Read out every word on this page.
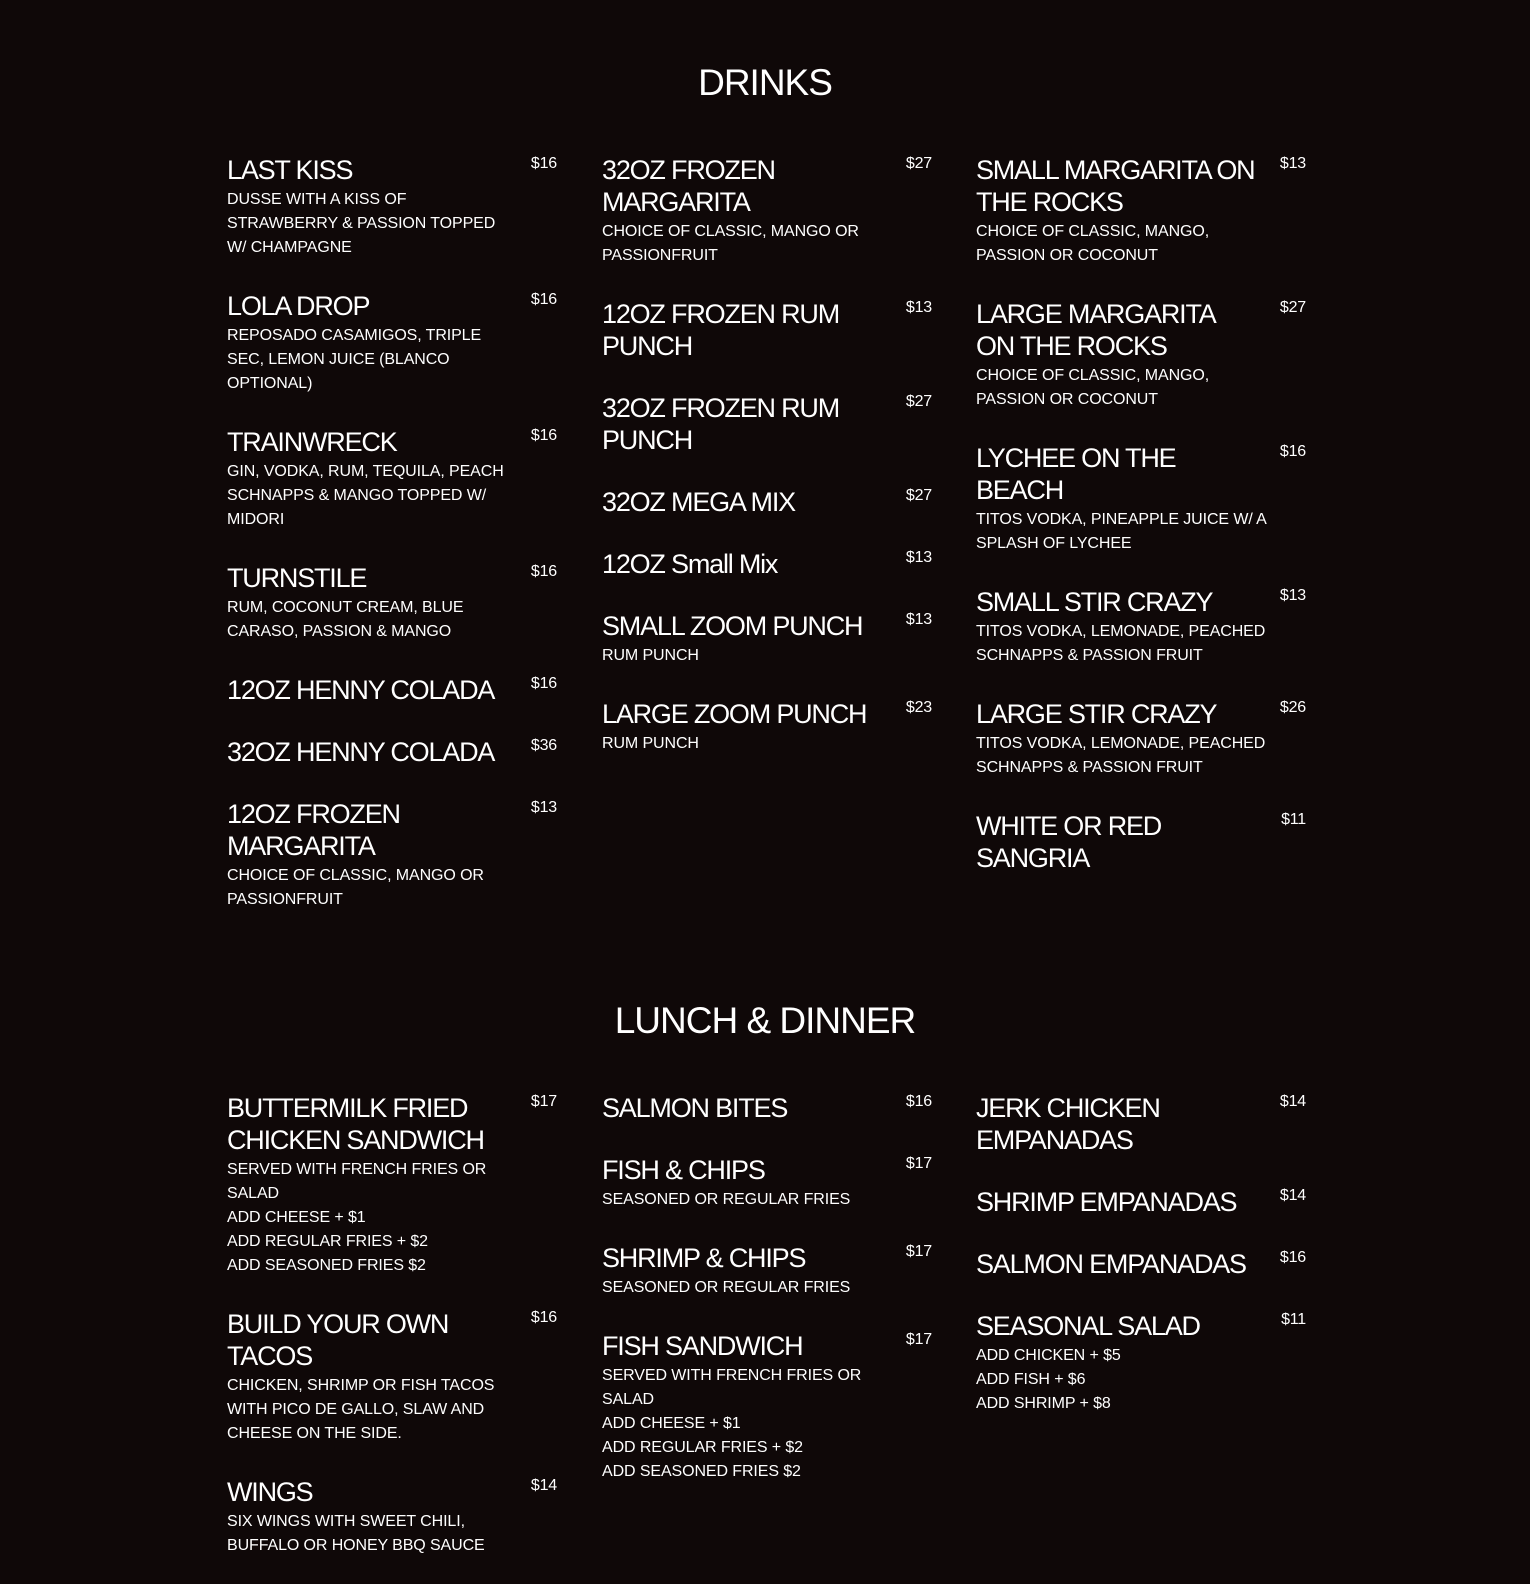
DRINKS
LAST KISS	$16
DUSSE WITH A KISS OF STRAWBERRY & PASSION TOPPED W/ CHAMPAGNE
LOLA DROP	$16
REPOSADO CASAMIGOS, TRIPLE SEC, LEMON JUICE (BLANCO OPTIONAL)
TRAINWRECK	$16
GIN, VODKA, RUM, TEQUILA, PEACH SCHNAPPS & MANGO TOPPED W/ MIDORI
TURNSTILE	$16
RUM, COCONUT CREAM, BLUE CARASO, PASSION & MANGO
12OZ HENNY COLADA	$16
32OZ HENNY COLADA	$36
12OZ FROZEN MARGARITA
$13
CHOICE OF CLASSIC, MANGO OR PASSIONFRUIT
32OZ FROZEN MARGARITA
$27
CHOICE OF CLASSIC, MANGO OR PASSIONFRUIT
12OZ FROZEN RUM PUNCH
$13
32OZ FROZEN RUM PUNCH
$27
32OZ MEGA MIX	$27
12OZ Small Mix	$13
SMALL ZOOM PUNCH	$13
RUM PUNCH
LARGE ZOOM PUNCH	$23
RUM PUNCH
SMALL MARGARITA ON THE ROCKS
$13
CHOICE OF CLASSIC, MANGO, PASSION OR COCONUT
LARGE MARGARITA ON THE ROCKS
$27
CHOICE OF CLASSIC, MANGO, PASSION OR COCONUT
LYCHEE ON THE BEACH
$16
TITOS VODKA, PINEAPPLE JUICE W/ A SPLASH OF LYCHEE
SMALL STIR CRAZY	$13
TITOS VODKA, LEMONADE, PEACHED SCHNAPPS & PASSION FRUIT
LARGE STIR CRAZY	$26
TITOS VODKA, LEMONADE, PEACHED SCHNAPPS & PASSION FRUIT
WHITE OR RED SANGRIA
$11
LUNCH & DINNER
BUTTERMILK FRIED CHICKEN SANDWICH
$17
SERVED WITH FRENCH FRIES OR SALAD
ADD CHEESE + $1
ADD REGULAR FRIES + $2
ADD SEASONED FRIES $2
BUILD YOUR OWN TACOS
$16
CHICKEN, SHRIMP OR FISH TACOS WITH PICO DE GALLO, SLAW AND CHEESE ON THE SIDE.
WINGS	$14
SIX WINGS WITH SWEET CHILI, BUFFALO OR HONEY BBQ SAUCE
SALMON BITES	$16
FISH & CHIPS	$17
SEASONED OR REGULAR FRIES
SHRIMP & CHIPS	$17
SEASONED OR REGULAR FRIES
FISH SANDWICH	$17
SERVED WITH FRENCH FRIES OR SALAD
ADD CHEESE + $1
ADD REGULAR FRIES + $2
ADD SEASONED FRIES $2
JERK CHICKEN EMPANADAS
$14
SHRIMP EMPANADAS	$14
SALMON EMPANADAS	$16
SEASONAL SALAD	$11
ADD CHICKEN + $5
ADD FISH + $6
ADD SHRIMP + $8
